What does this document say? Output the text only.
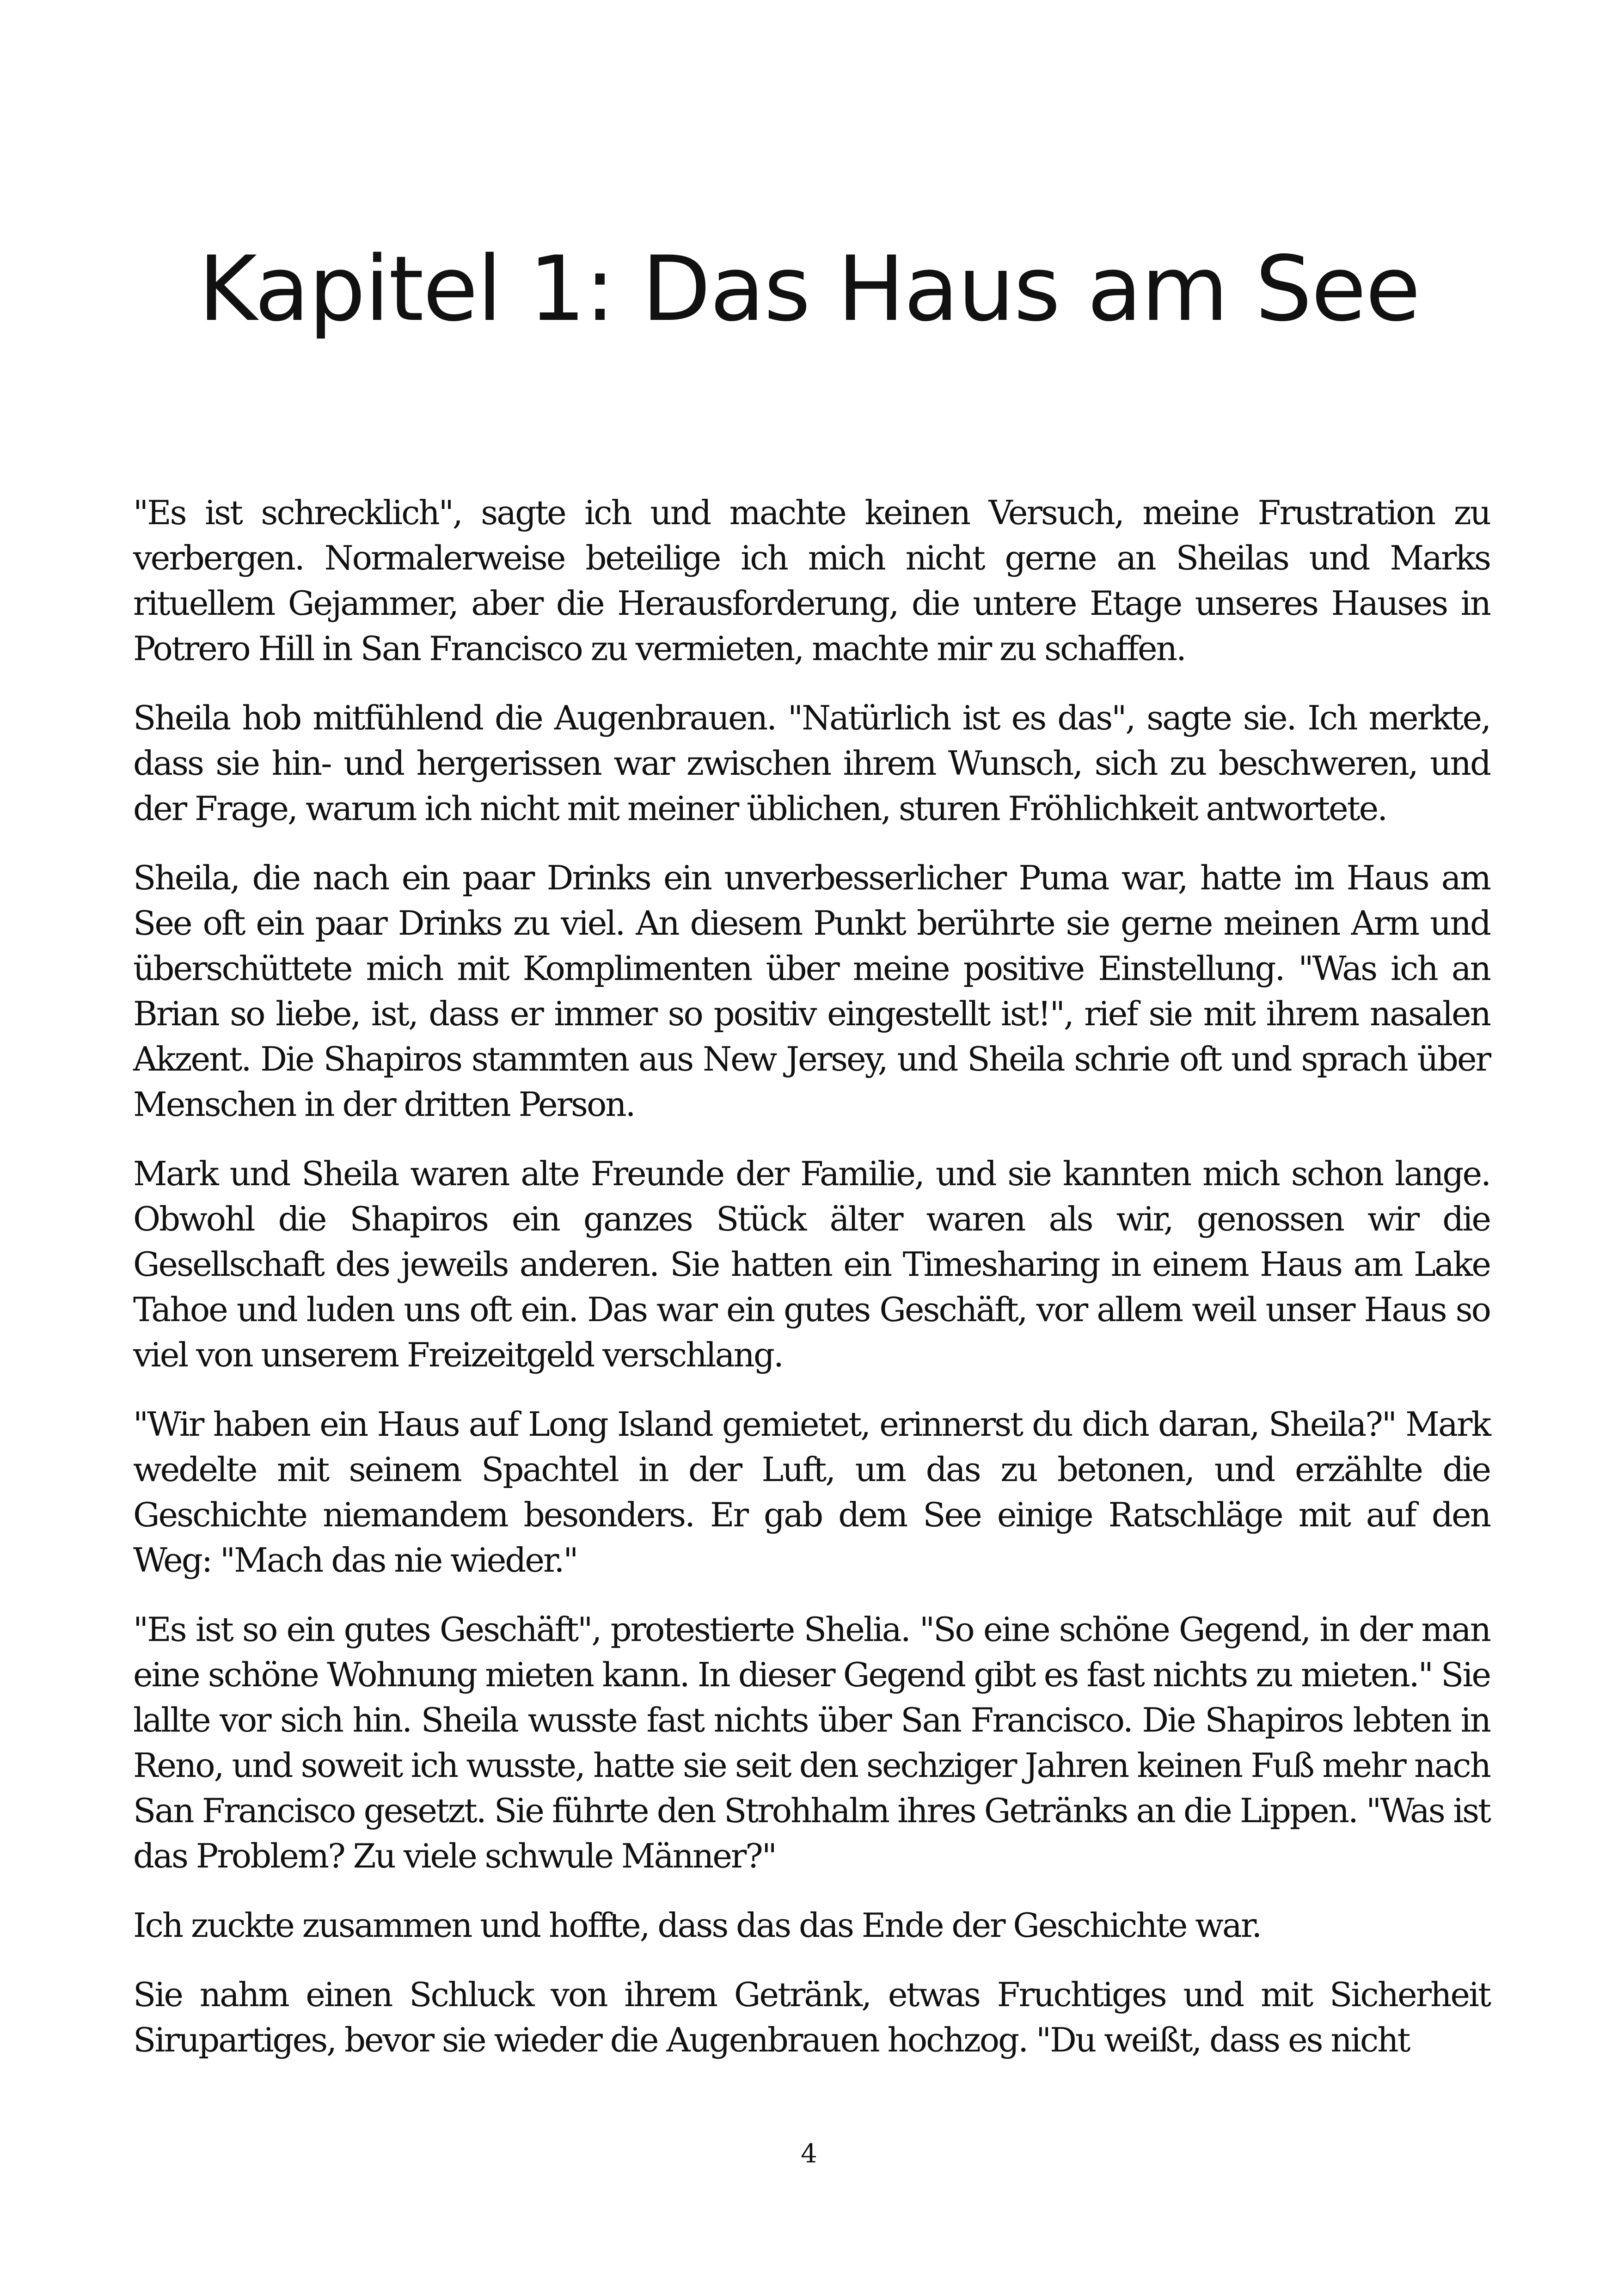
Kapitel 1: Das Haus am See

"Es ist schrecklich", sagte ich und machte keinen Versuch, meine Frustration zu verbergen. Normalerweise beteilige ich mich nicht gerne an Sheilas und Marks rituellem Gejammer, aber die Herausforderung, die untere Etage unseres Hauses in Potrero Hill in San Francisco zu vermieten, machte mir zu schaffen.

Sheila hob mitfühlend die Augenbrauen. "Natürlich ist es das", sagte sie. Ich merkte, dass sie hin- und hergerissen war zwischen ihrem Wunsch, sich zu beschweren, und der Frage, warum ich nicht mit meiner üblichen, sturen Fröhlichkeit antwortete.

Sheila, die nach ein paar Drinks ein unverbesserlicher Puma war, hatte im Haus am See oft ein paar Drinks zu viel. An diesem Punkt berührte sie gerne meinen Arm und überschüttete mich mit Komplimenten über meine positive Einstellung. "Was ich an Brian so liebe, ist, dass er immer so positiv eingestellt ist!", rief sie mit ihrem nasalen Akzent. Die Shapiros stammten aus New Jersey, und Sheila schrie oft und sprach über Menschen in der dritten Person.

Mark und Sheila waren alte Freunde der Familie, und sie kannten mich schon lange. Obwohl die Shapiros ein ganzes Stück älter waren als wir, genossen wir die Gesellschaft des jeweils anderen. Sie hatten ein Timesharing in einem Haus am Lake Tahoe und luden uns oft ein. Das war ein gutes Geschäft, vor allem weil unser Haus so viel von unserem Freizeitgeld verschlang.

"Wir haben ein Haus auf Long Island gemietet, erinnerst du dich daran, Sheila?" Mark wedelte mit seinem Spachtel in der Luft, um das zu betonen, und erzählte die Geschichte niemandem besonders. Er gab dem See einige Ratschläge mit auf den Weg: "Mach das nie wieder."

"Es ist so ein gutes Geschäft", protestierte Shelia. "So eine schöne Gegend, in der man eine schöne Wohnung mieten kann. In dieser Gegend gibt es fast nichts zu mieten." Sie lallte vor sich hin. Sheila wusste fast nichts über San Francisco. Die Shapiros lebten in Reno, und soweit ich wusste, hatte sie seit den sechziger Jahren keinen Fuß mehr nach San Francisco gesetzt. Sie führte den Strohhalm ihres Getränks an die Lippen. "Was ist das Problem? Zu viele schwule Männer?"

Ich zuckte zusammen und hoffte, dass das das Ende der Geschichte war.

Sie nahm einen Schluck von ihrem Getränk, etwas Fruchtiges und mit Sicherheit Sirupartiges, bevor sie wieder die Augenbrauen hochzog. "Du weißt, dass es nicht

4
